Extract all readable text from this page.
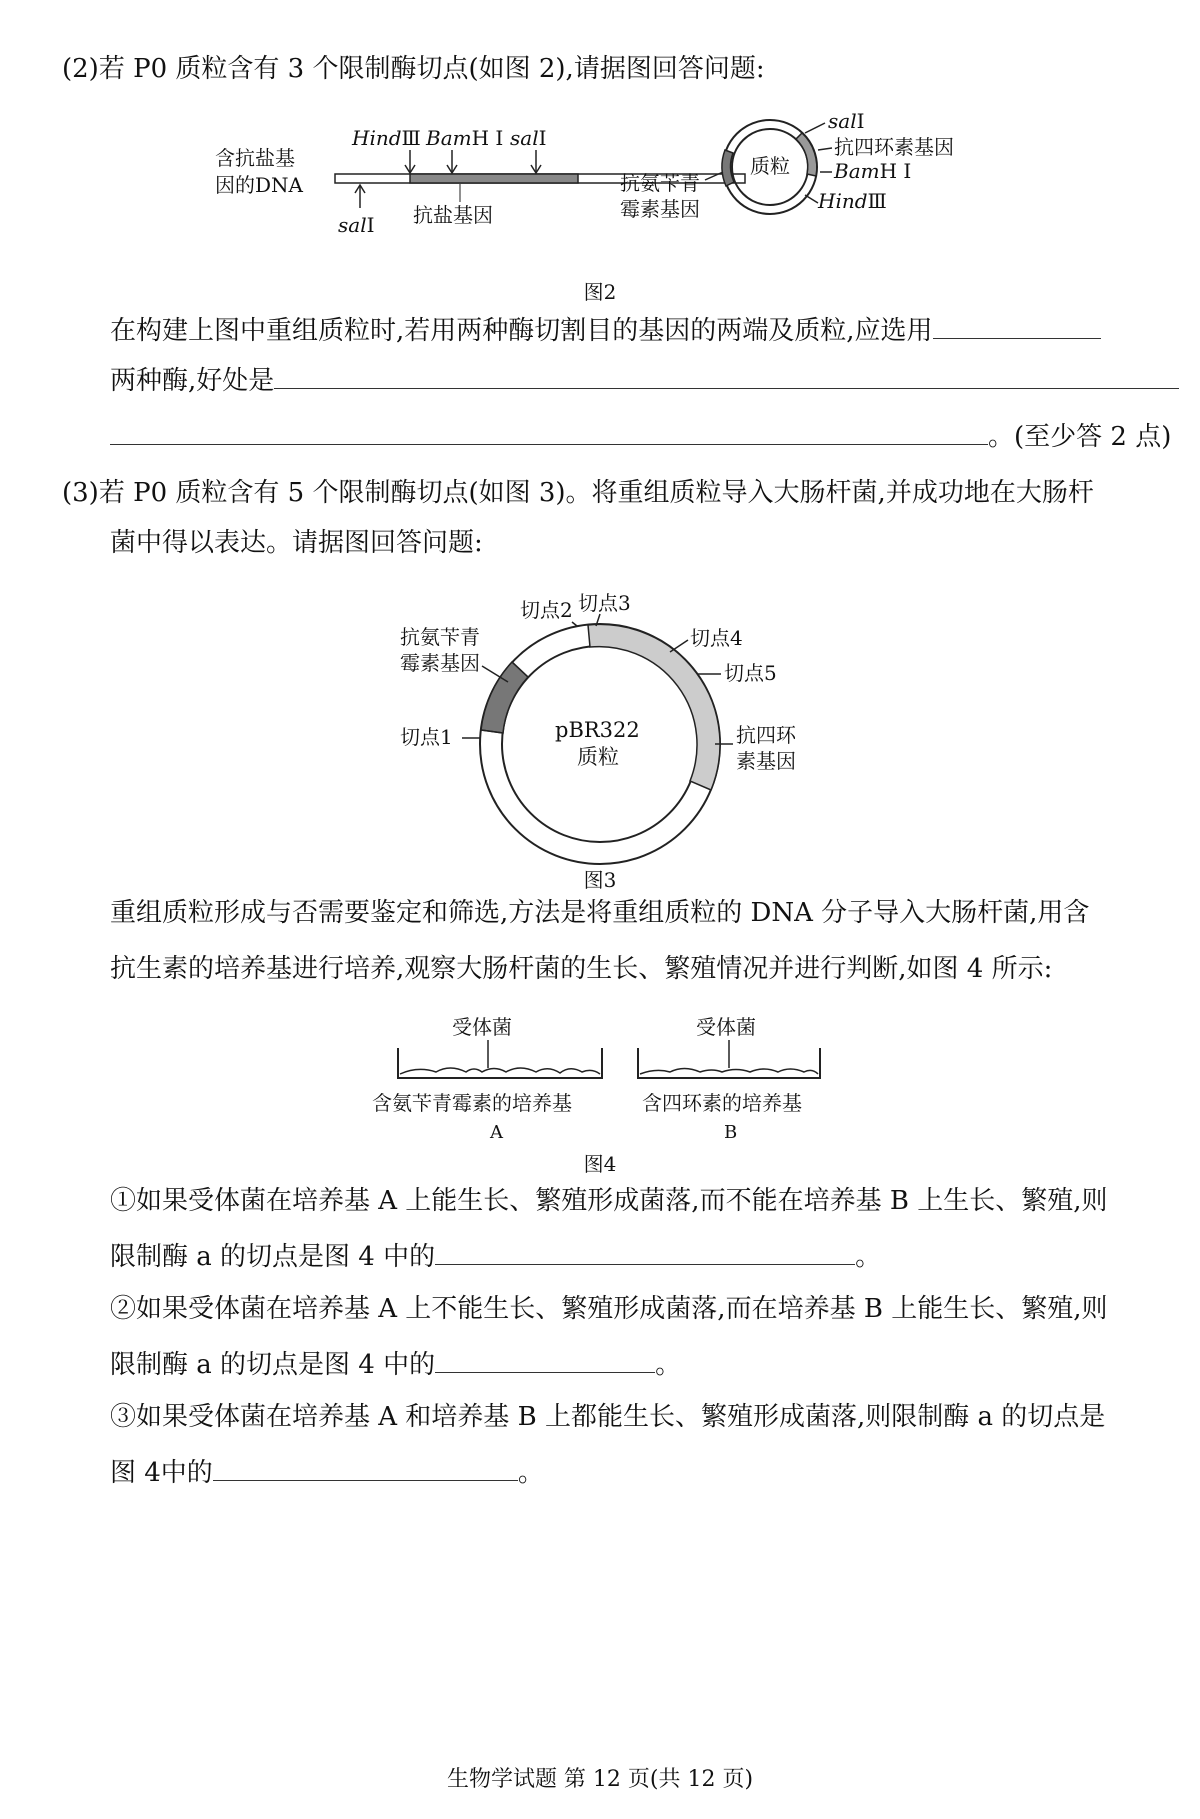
(2)若 P0 质粒含有 3 个限制酶切点(如图 2),请据图回答问题:
含抗盐基
因的DNA
HindⅢ BamH Ⅰ salⅠ
salⅠ 抗盐基因
质粒
salⅠ
抗四环素基因
BamH Ⅰ
HindⅢ
抗氨苄青
霉素基因
图2
在构建上图中重组质粒时,若用两种酶切割目的基因的两端及质粒,应选用
两种酶,好处是
。(至少答 2 点)
(3)若 P0 质粒含有 5 个限制酶切点(如图 3)。将重组质粒导入大肠杆菌,并成功地在大肠杆
菌中得以表达。请据图回答问题:
pBR322
质粒
切点2 切点3
切点4
切点5
切点1
抗氨苄青
霉素基因
抗四环
素基因
图3
重组质粒形成与否需要鉴定和筛选,方法是将重组质粒的 DNA 分子导入大肠杆菌,用含
抗生素的培养基进行培养,观察大肠杆菌的生长、繁殖情况并进行判断,如图 4 所示:
受体菌
含氨苄青霉素的培养基
A
受体菌
含四环素的培养基
B
图4
①如果受体菌在培养基 A 上能生长、繁殖形成菌落,而不能在培养基 B 上生长、繁殖,则
限制酶 a 的切点是图 4 中的	。
②如果受体菌在培养基 A 上不能生长、繁殖形成菌落,而在培养基 B 上能生长、繁殖,则
限制酶 a 的切点是图 4 中的	。
③如果受体菌在培养基 A 和培养基 B 上都能生长、繁殖形成菌落,则限制酶 a 的切点是
图 4中的	。
生物学试题 第 12 页(共 12 页)
